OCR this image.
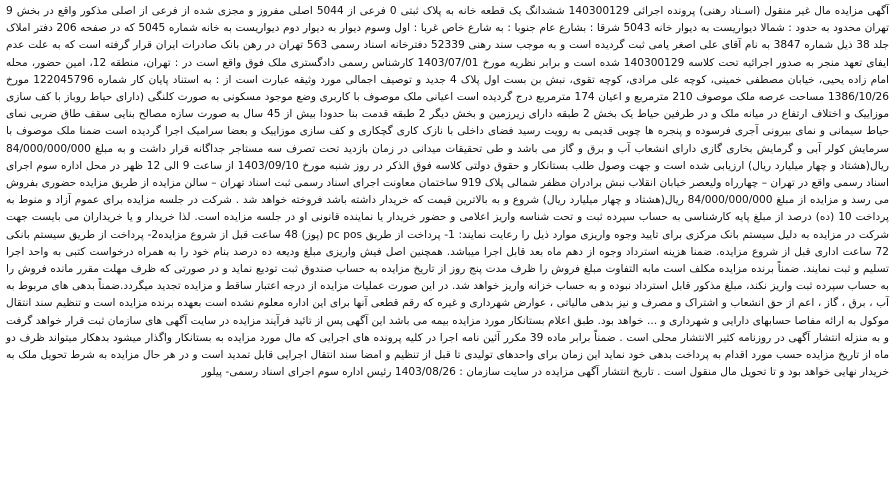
آگهی مزایده مال غیر منقول (اسـناد رهنی) پرونده اجرائی 140300129 ششدانگ یک قطعه خانه به پلاک ثبتی 0 فرعی از 5044 اصلی مفروز و مجزی شده از فرعی از اصلی مذکور واقع در بخش 9 تهران محدود به حدود : شمالا دیواریست به دیوار خانه 5043 شرقا : بشارع عام جنوبا : به شارع خاص غربا : اول وسوم دیوار به دیوار دوم دیواریست به خانه شماره 5045 که در صفحه 206 دفتر املاک جلد 38 ذیل شماره 3847 به نام آقای علی اصغر یامی ثبت گردیده است و به موجب سند رهنی 52339 دفترخانه اسناد رسمی 563 تهران در رهن بانک صادرات ایران قرار گرفته است که به علت عدم ایفای تعهد منجر به صدور اجرائیه تحت کلاسه 140300129 شده است و برابر نظریه مورخ 1403/07/01 کارشناس رسمی دادگستری ملک فوق واقع است در : تهران، منطقه 12، امین حضور، محله امام زاده یحیی، خیابان مصطفی خمینی، کوچه علی مرادی، کوچه تقوی، نبش بن بست اول پلاک 4 جدید و توصیف اجمالی مورد وثیقه عبارت است از : به استناد پایان کار شماره 122045796 مورخ 1386/10/26 مساحت عرصه ملک موصوف 210 مترمربع و اعیان 174 مترمربع درج گردیده است اعیانی ملک موصوف با کاربری وضع موجود مسکونی به صورت کلنگی (دارای حیاط روباز با کف سازی موزاییک و اختلاف ارتفاع در میانه ملک و در طرفین حیاط یک بخش 2 طبقه دارای زیرزمین و بخش دیگر 2 طبقه قدمت بنا حدودا بیش از 45 سال به صورت سازه مصالح بنایی سقف طاق ضربی نمای حیاط سیمانی و نمای بیرونی آجری فرسوده و پنجره ها چوبی قدیمی به رویت رسید فضای داخلی با نازک کاری گچکاری و کف سازی موزاییک و بعضا سرامیک اجرا گردیده است ضمنا ملک موصوف با سرمایش کولر آبی و گرمایش بخاری گازی دارای انشعاب آب و برق و گاز می باشد و طی تحقیقات میدانی در زمان بازدید تحت تصرف سه مستاجر جداگانه قرار داشت و به مبلغ 84/000/000/000 ریال(هشتاد و چهار میلیارد ریال) ارزیابی شده است و جهت وصول طلب بستانکار و حقوق دولتی کلاسه فوق الذکر در روز شنبه مورخ 1403/09/10 از ساعت 9 الی 12 ظهر در محل اداره سوم اجرای اسناد رسمی واقع در تهران – چهارراه ولیعصر خیابان انقلاب نبش برادران مظفر شمالی پلاک 919 ساختمان معاونت اجرای اسناد رسمی ثبت اسناد تهران – سالن مزایده از طریق مزایده حضوری بفروش می رسد و مزایده از مبلغ 84/000/000/000 ریال(هشتاد و چهار میلیارد ریال) شروع و به بالاترین قیمت که خریدار داشته باشد فروخته خواهد شد . شرکت در جلسه مزایده برای عموم آزاد و منوط به پرداخت 10 (ده) درصد از مبلغ پایه کارشناسی به حساب سپرده ثبت و تحت شناسه واریز اعلامی و حضور خریدار یا نماینده قانونی او در جلسه مزایده است. لذا خریدار و یا خریداران می بایست جهت شرکت در مزایده به دلیل سیستم بانک مرکزی برای تایید وجوه واریزی موارد ذیل را رعایت نمایند: 1- پرداخت از طریق pc pos (پوز) 48 ساعت قبل از شروع مزایده2- پرداخت از طریق سیستم بانکی 72 ساعت اداری قبل از شروع مزایده. ضمنا هزینه استرداد وجوه از دهم ماه بعد قابل اجرا میباشد. همچنین اصل فیش واریزی مبلغ ودیعه ده درصد بنام خود را به همراه درخواست کتبی به واحد اجرا تسلیم و ثبت نمایند. ضمناً برنده مزایده مکلف است مابه التفاوت مبلغ فروش را ظرف مدت پنج روز از تاریخ مزایده به حساب صندوق ثبت تودیع نماید و در صورتی که ظرف مهلت مقرر مانده فروش را به حساب سپرده ثبت واریز نکند، مبلغ مذکور قابل استرداد نبوده و به حساب خزانه واریز خواهد شد. در این صورت عملیات مزایده از درجه اعتبار ساقط و مزایده تجدید میگردد.ضمناً بدهی های مربوط به آب ، برق ، گاز ، اعم از حق انشعاب و اشتراک و مصرف و نیز بدهی مالیاتی ، عوارض شهرداری و غیره که رقم قطعی آنها برای این اداره معلوم نشده است بعهده برنده مزایده است و تنظیم سند انتقال موکول به ارائه مفاصا حسابهای دارایی و شهرداری و ... خواهد بود. طبق اعلام بستانکار مورد مزایده بیمه می باشد این آگهی پس از تائید فرآیند مزایده در سایت آگهی های سازمان ثبت قرار خواهد گرفت و به منزله انتشار آگهی در روزنامه کثیر الانتشار محلی است . ضمناً برابر ماده 39 مکرر آئین نامه اجرا در کلیه پرونده های اجرایی که مال مورد مزایده به بستانکار واگذار میشود بدهکار میتواند ظرف دو ماه از تاریخ مزایده حسب مورد اقدام به پرداخت بدهی خود نماید این زمان برای واحدهای تولیدی تا قبل از تنظیم و امضا سند انتقال اجرایی قابل تمدید است و در هر حال مزایده به شرط تحویل ملک به خریدار نهایی خواهد بود و تا تحویل مال منقول است . تاریخ انتشار آگهی مزایده در سایت سازمان : 1403/08/26 رئیس اداره سوم اجرای اسناد رسمی- پیلور
